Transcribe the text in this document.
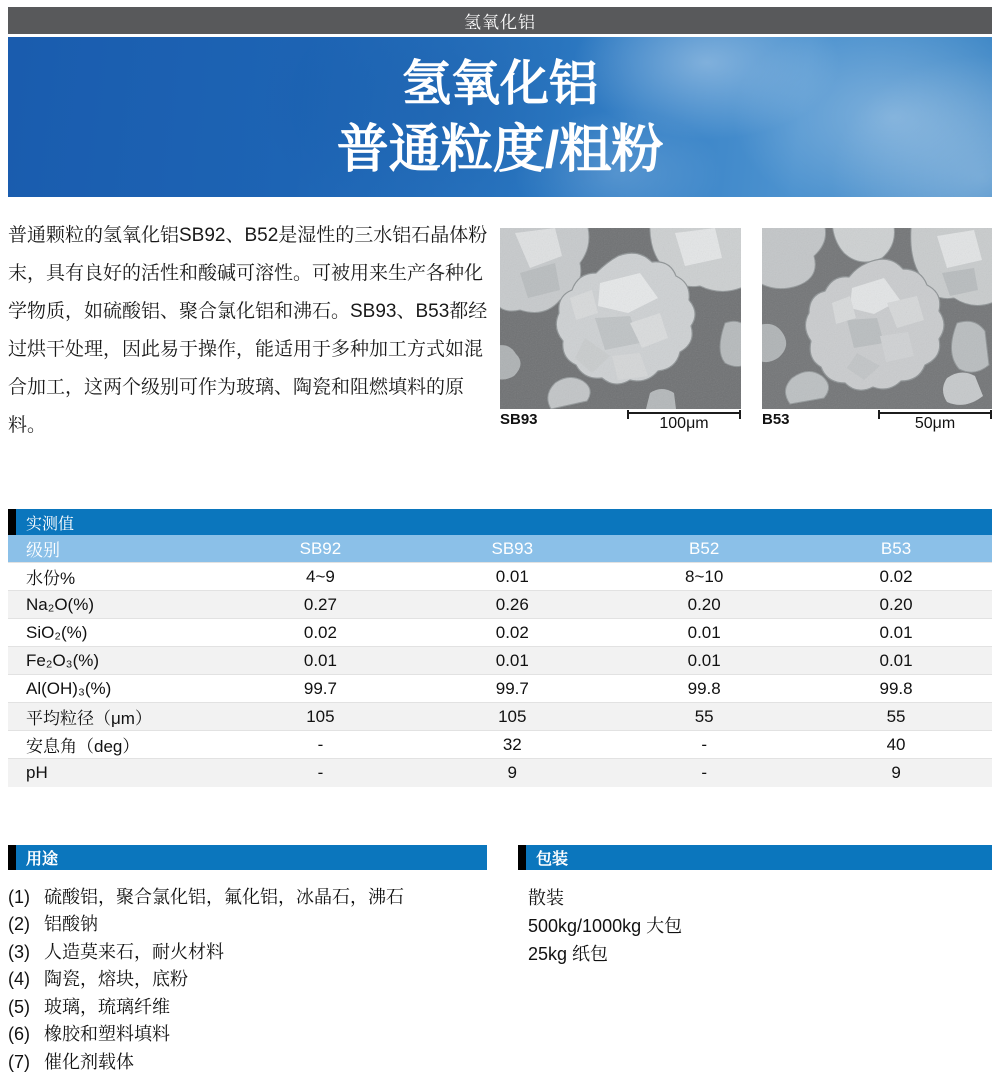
氢氧化铝
氢氧化铝
普通粒度/粗粉
普通颗粒的氢氧化铝SB92、B52是湿性的三水铝石晶体粉末，具有良好的活性和酸碱可溶性。可被用来生产各种化学物质，如硫酸铝、聚合氯化铝和沸石。SB93、B53都经过烘干处理，因此易于操作，能适用于多种加工方式如混合加工，这两个级别可作为玻璃、陶瓷和阻燃填料的原料。	SB93	100μm	B53	50μm
实测值
级别	SB92	SB93	B52	B53
水份%	4~9	0.01	8~10	0.02
Na₂O(%)	0.27	0.26	0.20	0.20
SiO₂(%)	0.02	0.02	0.01	0.01
Fe₂O₃(%)	0.01	0.01	0.01	0.01
Al(OH)₃(%)	99.7	99.7	99.8	99.8
平均粒径（μm）	105	105	55	55
安息角（deg）	-	32	-	40
pH	-	9	-	9
用途
(1) 硫酸铝，聚合氯化铝，氟化铝，冰晶石，沸石
(2) 铝酸钠
(3) 人造莫来石，耐火材料
(4) 陶瓷，熔块，底粉
(5) 玻璃，琉璃纤维
(6) 橡胶和塑料填料
(7) 催化剂载体
包装
散装
500kg/1000kg 大包
25kg 纸包
